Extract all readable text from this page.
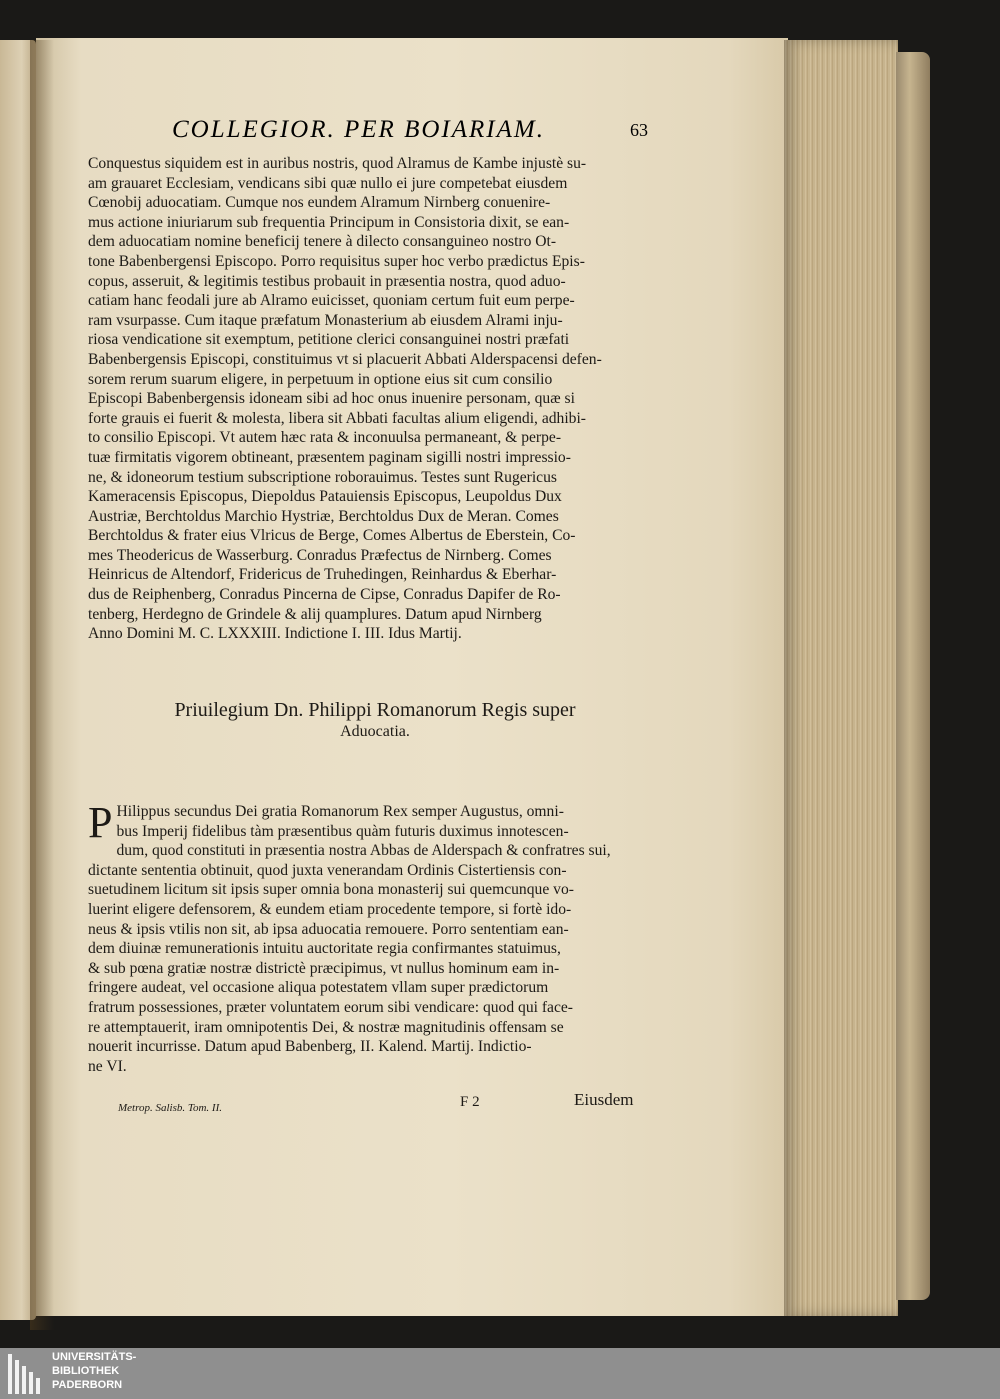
COLLEGIOR. PER BOIARIAM.	63

Conquestus siquidem est in auribus nostris, quod Alramus de Kambe injustè su-

am grauaret Ecclesiam, vendicans sibi quæ nullo ei jure competebat eiusdem

Cœnobij aduocatiam. Cumque nos eundem Alramum Nirnberg conuenire-

mus actione iniuriarum sub frequentia Principum in Consistoria dixit, se ean-

dem aduocatiam nomine beneficij tenere à dilecto consanguineo nostro Ot-

tone Babenbergensi Episcopo. Porro requisitus super hoc verbo prædictus Epis-

copus, asseruit, & legitimis testibus probauit in præsentia nostra, quod aduo-

catiam hanc feodali jure ab Alramo euicisset, quoniam certum fuit eum perpe-

ram vsurpasse. Cum itaque præfatum Monasterium ab eiusdem Alrami inju-

riosa vendicatione sit exemptum, petitione clerici consanguinei nostri præfati

Babenbergensis Episcopi, constituimus vt si placuerit Abbati Alderspacensi defen-

sorem rerum suarum eligere, in perpetuum in optione eius sit cum consilio

Episcopi Babenbergensis idoneam sibi ad hoc onus inuenire personam, quæ si

forte grauis ei fuerit & molesta, libera sit Abbati facultas alium eligendi, adhibi-

to consilio Episcopi. Vt autem hæc rata & inconuulsa permaneant, & perpe-

tuæ firmitatis vigorem obtineant, præsentem paginam sigilli nostri impressio-

ne, & idoneorum testium subscriptione roborauimus. Testes sunt Rugericus

Kameracensis Episcopus, Diepoldus Patauiensis Episcopus, Leupoldus Dux

Austriæ, Berchtoldus Marchio Hystriæ, Berchtoldus Dux de Meran. Comes

Berchtoldus & frater eius Vlricus de Berge, Comes Albertus de Eberstein, Co-

mes Theodericus de Wasserburg. Conradus Præfectus de Nirnberg. Comes

Heinricus de Altendorf, Fridericus de Truhedingen, Reinhardus & Eberhar-

dus de Reiphenberg, Conradus Pincerna de Cipse, Conradus Dapifer de Ro-

tenberg, Herdegno de Grindele & alij quamplures. Datum apud Nirnberg

Anno Domini M. C. LXXXIII. Indictione I. III. Idus Martij.

Priuilegium Dn. Philippi Romanorum Regis super
Aduocatia.
P Hilippus secundus Dei gratia Romanorum Rex semper Augustus, omni-

bus Imperij fidelibus tàm præsentibus quàm futuris duximus innotescen-

dum, quod constituti in præsentia nostra Abbas de Alderspach & confratres sui,

dictante sententia obtinuit, quod juxta venerandam Ordinis Cistertiensis con-

suetudinem licitum sit ipsis super omnia bona monasterij sui quemcunque vo-

luerint eligere defensorem, & eundem etiam procedente tempore, si fortè ido-

neus & ipsis vtilis non sit, ab ipsa aduocatia remouere. Porro sententiam ean-

dem diuinæ remunerationis intuitu auctoritate regia confirmantes statuimus,

& sub pœna gratiæ nostræ districtè præcipimus, vt nullus hominum eam in-

fringere audeat, vel occasione aliqua potestatem vllam super prædictorum

fratrum possessiones, præter voluntatem eorum sibi vendicare: quod qui face-

re attemptauerit, iram omnipotentis Dei, & nostræ magnitudinis offensam se

nouerit incurrisse. Datum apud Babenberg, II. Kalend. Martij. Indictio-

ne VI.

Metrop. Salisb. Tom. II.	F 2	Eiusdem
UNIVERSITÄTS-
BIBLIOTHEK
PADERBORN
